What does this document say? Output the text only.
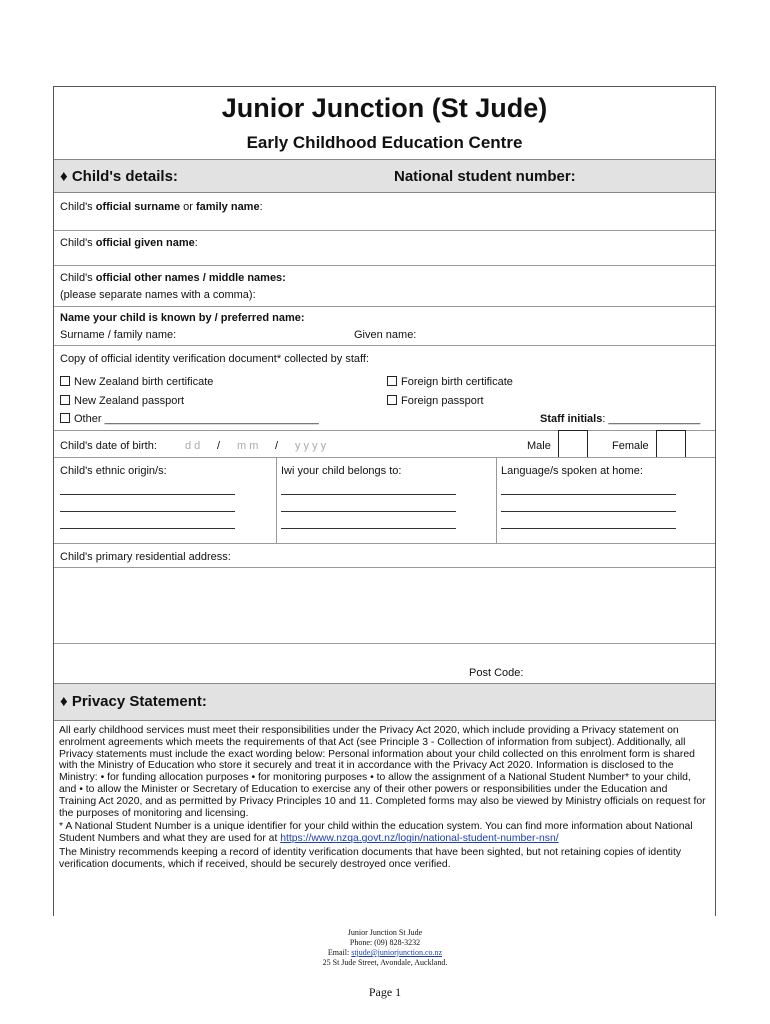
Junior Junction (St Jude)
Early Childhood Education Centre
♦ Child's details:	National student number:
Child's official surname or family name:
Child's official given name:
Child's official other names / middle names:
(please separate names with a comma):
Name your child is known by / preferred name:
Surname / family name:	Given name:
Copy of official identity verification document* collected by staff:
New Zealand birth certificate	Foreign birth certificate
New Zealand passport	Foreign passport
Other ___________________________________	Staff initials: _______________
Child's date of birth:	d d / m m / y y y y	Male	Female
Child's ethnic origin/s:	Iwi your child belongs to:	Language/s spoken at home:
Child's primary residential address:
Post Code:
♦ Privacy Statement:

All early childhood services must meet their responsibilities under the Privacy Act 2020, which include providing a Privacy statement on enrolment agreements which meets the requirements of that Act (see Principle 3 - Collection of information from subject). Additionally, all Privacy statements must include the exact wording below: Personal information about your child collected on this enrolment form is shared with the Ministry of Education who store it securely and treat it in accordance with the Privacy Act 2020. Information is disclosed to the Ministry: • for funding allocation purposes • for monitoring purposes • to allow the assignment of a National Student Number* to your child, and • to allow the Minister or Secretary of Education to exercise any of their other powers or responsibilities under the Education and Training Act 2020, and as permitted by Privacy Principles 10 and 11. Completed forms may also be viewed by Ministry officials on request for the purposes of monitoring and licensing.

* A National Student Number is a unique identifier for your child within the education system. You can find more information about National Student Numbers and what they are used for at https://www.nzqa.govt.nz/login/national-student-number-nsn/

The Ministry recommends keeping a record of identity verification documents that have been sighted, but not retaining copies of identity verification documents, which if received, should be securely destroyed once verified.

Junior Junction St Jude
Phone: (09) 828-3232
Email: stjude@juniorjunction.co.nz
25 St Jude Street, Avondale, Auckland.
Page 1
